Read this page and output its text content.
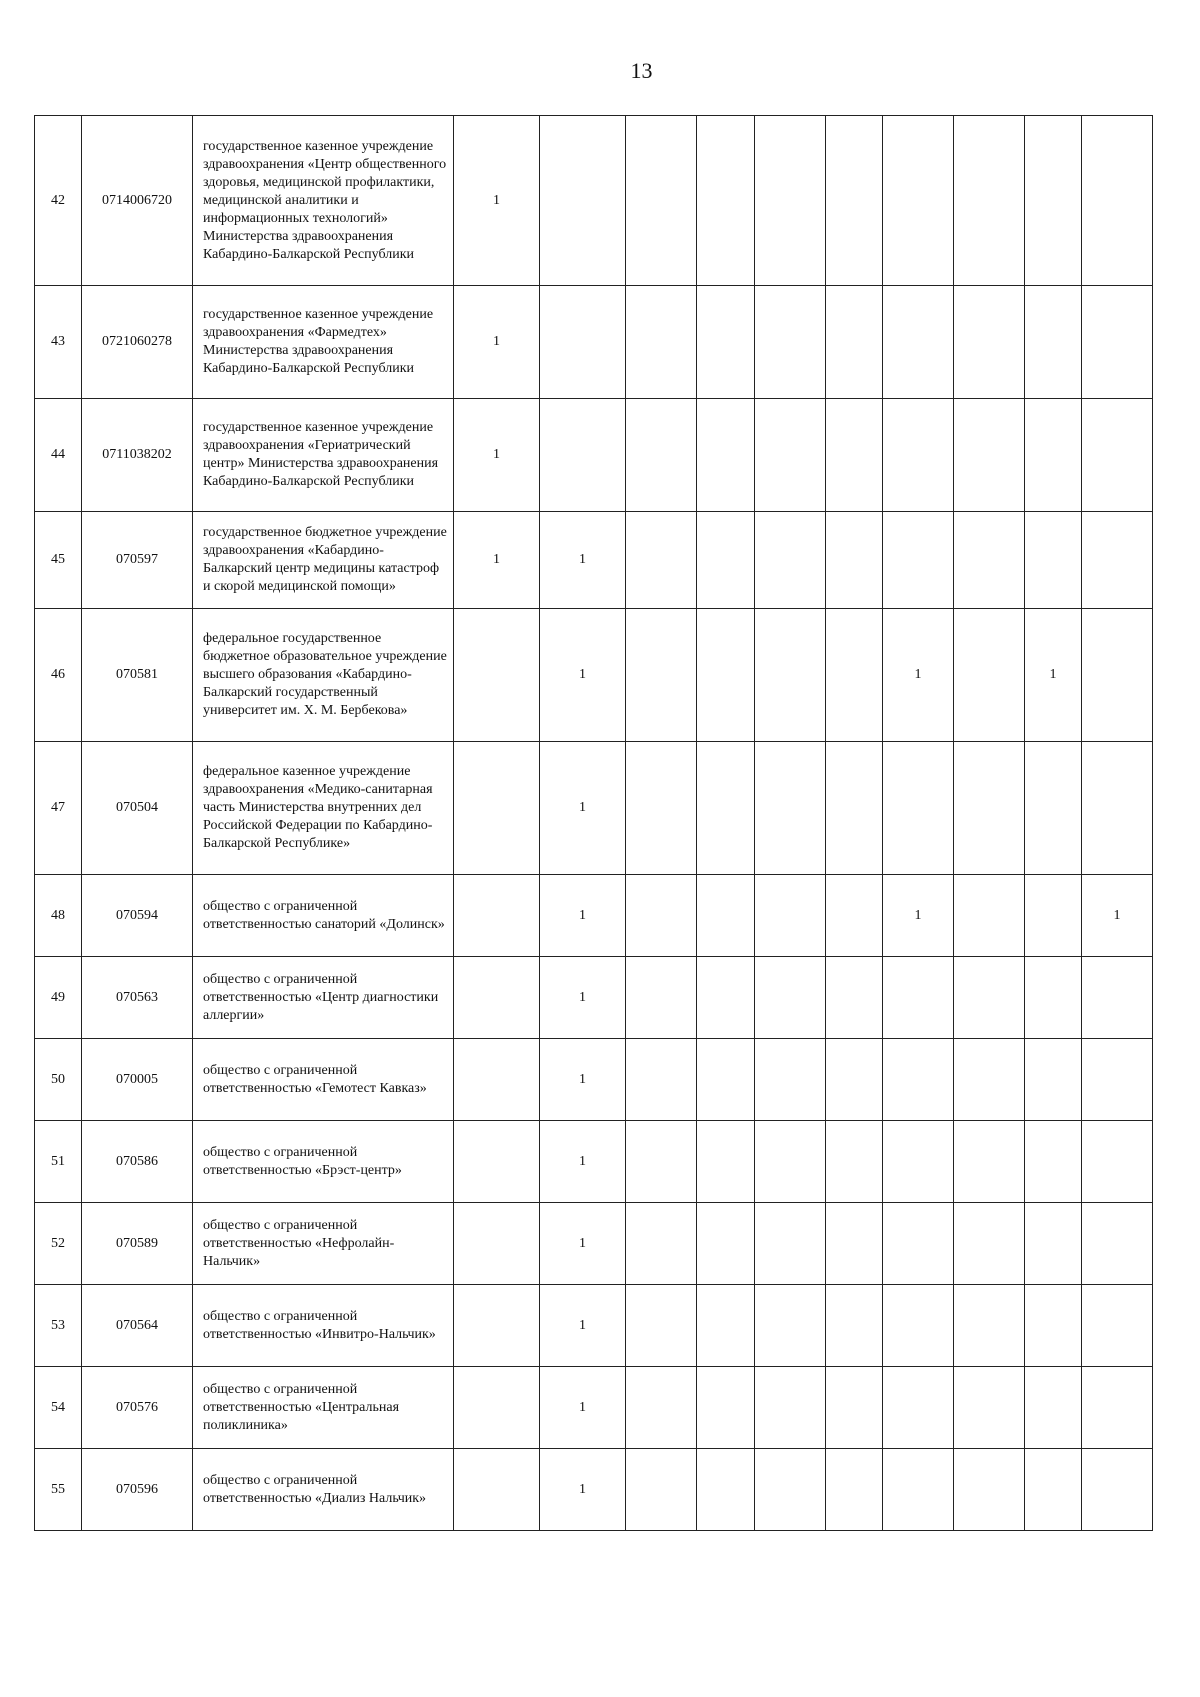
13
42	0714006720	государственное казенное учреждение здравоохранения «Центр общественного здоровья, медицинской профилактики, медицинской аналитики и информационных технологий» Министерства здравоохранения Кабардино-Балкарской Республики	1									
43	0721060278	государственное казенное учреждение здравоохранения «Фармедтех» Министерства здравоохранения Кабардино-Балкарской Республики	1									
44	0711038202	государственное казенное учреждение здравоохранения «Гериатрический центр» Министерства здравоохранения Кабардино-Балкарской Республики	1									
45	070597	государственное бюджетное учреждение здравоохранения «Кабардино-Балкарский центр медицины катастроф и скорой медицинской помощи»	1	1								
46	070581	федеральное государственное бюджетное образовательное учреждение высшего образования «Кабардино-Балкарский государственный университет им. Х. М. Бербекова»		1					1		1	
47	070504	федеральное казенное учреждение здравоохранения «Медико-санитарная часть Министерства внутренних дел Российской Федерации по Кабардино-Балкарской Республике»		1								
48	070594	общество с ограниченной ответственностью санаторий «Долинск»		1					1			1
49	070563	общество с ограниченной ответственностью «Центр диагностики аллергии»		1								
50	070005	общество с ограниченной ответственностью «Гемотест Кавказ»		1								
51	070586	общество с ограниченной ответственностью «Брэст-центр»		1								
52	070589	общество с ограниченной ответственностью «Нефролайн-Нальчик»		1								
53	070564	общество с ограниченной ответственностью «Инвитро-Нальчик»		1								
54	070576	общество с ограниченной ответственностью «Центральная поликлиника»		1								
55	070596	общество с ограниченной ответственностью «Диализ Нальчик»		1								
